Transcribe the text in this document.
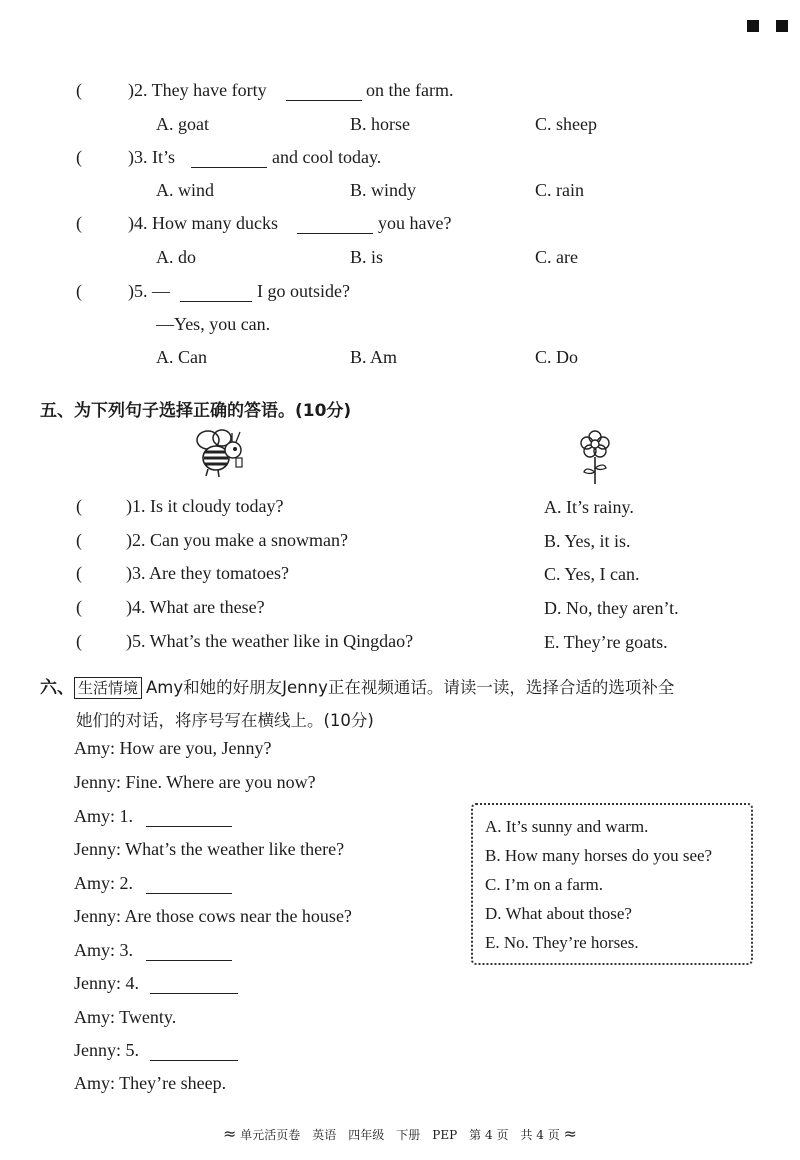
(	)2. They have forty	on the farm.
A. goat	B. horse	C. sheep
(	)3. It’s	and cool today.
A. wind	B. windy	C. rain
(	)4. How many ducks	you have?
A. do	B. is	C. are
(	)5. —	I go outside?
—Yes, you can.
A. Can	B. Am	C. Do
五、为下列句子选择正确的答语。(10分)
( )1. Is it cloudy today?	A. It’s rainy.
( )2. Can you make a snowman?	B. Yes, it is.
( )3. Are they tomatoes?	C. Yes, I can.
( )4. What are these?	D. No, they aren’t.
( )5. What’s the weather like in Qingdao?	E. They’re goats.
六、 生活情境 Amy和她的好朋友Jenny正在视频通话。请读一读，选择合适的选项补全
她们的对话，将序号写在横线上。(10分)
Amy: How are you, Jenny?
Jenny: Fine. Where are you now?
Amy: 1.
Jenny: What’s the weather like there?
Amy: 2.
Jenny: Are those cows near the house?
Amy: 3.
Jenny: 4.
Amy: Twenty.
Jenny: 5.
Amy: They’re sheep.
A. It’s sunny and warm.
B. How many horses do you see?
C. I’m on a farm.
D. What about those?
E. No. They’re horses.
≈ 单元活页卷　英语　四年级　下册　PEP　第 4 页　共 4 页 ≈
